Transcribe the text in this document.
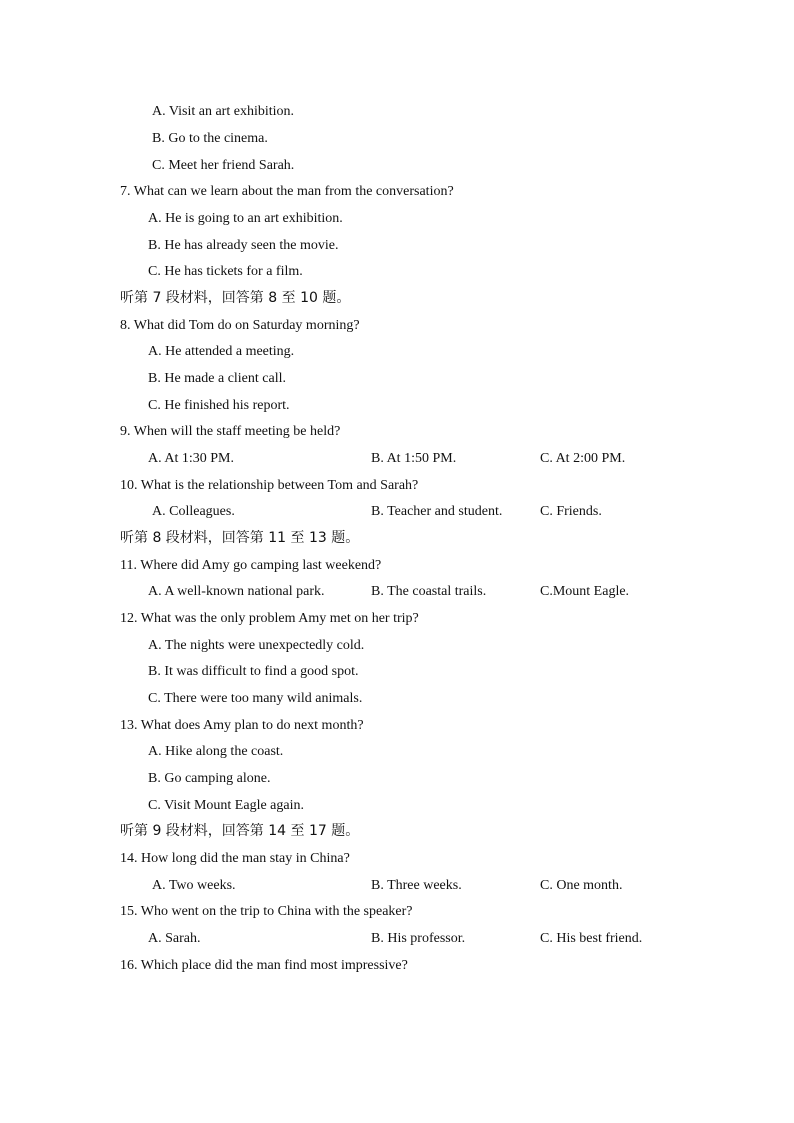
A. Visit an art exhibition.
B. Go to the cinema.
C. Meet her friend Sarah.
7. What can we learn about the man from the conversation?
A. He is going to an art exhibition.
B. He has already seen the movie.
C. He has tickets for a film.
听第 7 段材料，回答第 8 至 10 题。
8. What did Tom do on Saturday morning?
A. He attended a meeting.
B. He made a client call.
C. He finished his report.
9. When will the staff meeting be held?
A. At 1:30 PM.	B. At 1:50 PM.	C. At 2:00 PM.
10. What is the relationship between Tom and Sarah?
A. Colleagues.	B. Teacher and student.	C. Friends.
听第 8 段材料，回答第 11 至 13 题。
11. Where did Amy go camping last weekend?
A. A well-known national park.	B. The coastal trails.	C.Mount Eagle.
12. What was the only problem Amy met on her trip?
A. The nights were unexpectedly cold.
B. It was difficult to find a good spot.
C. There were too many wild animals.
13. What does Amy plan to do next month?
A. Hike along the coast.
B. Go camping alone.
C. Visit Mount Eagle again.
听第 9 段材料，回答第 14 至 17 题。
14. How long did the man stay in China?
A. Two weeks.	B. Three weeks.	C. One month.
15. Who went on the trip to China with the speaker?
A. Sarah.	B. His professor.	C. His best friend.
16. Which place did the man find most impressive?
